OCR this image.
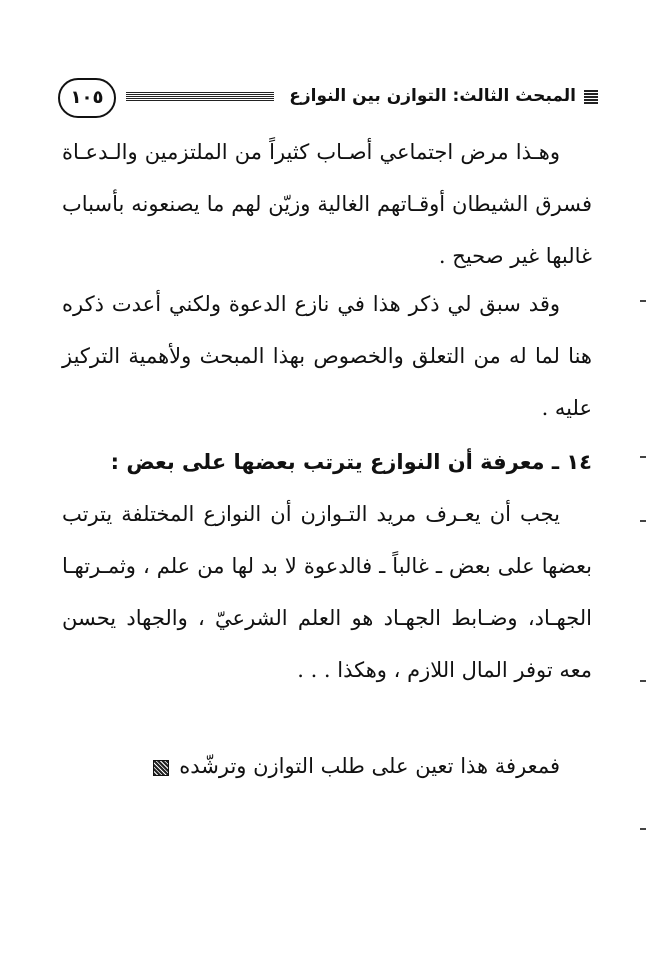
المبحث الثالث: التوازن بين النوازع
١٠٥
وهـذا مرض اجتماعي أصـاب كثيراً من الملتزمين والـدعـاة فسرق الشيطان أوقـاتهم الغالية وزيّن لهم ما يصنعونه بأسباب غالبها غير صحيح .
وقد سبق لي ذكر هذا في نازع الدعوة ولكني أعدت ذكره هنا لما له من التعلق والخصوص بهذا المبحث ولأهمية التركيز عليه .
١٤ ـ معرفة أن النوازع يترتب بعضها على بعض :
يجب أن يعـرف مريد التـوازن أن النوازع المختلفة يترتب بعضها على بعض ـ غالباً ـ فالدعوة لا بد لها من علم ، وثمـرتهـا الجهـاد، وضـابط الجهـاد هو العلم الشرعيّ ، والجهاد يحسن معه توفر المال اللازم ، وهكذا . . .
فمعرفة هذا تعين على طلب التوازن وترشّده
